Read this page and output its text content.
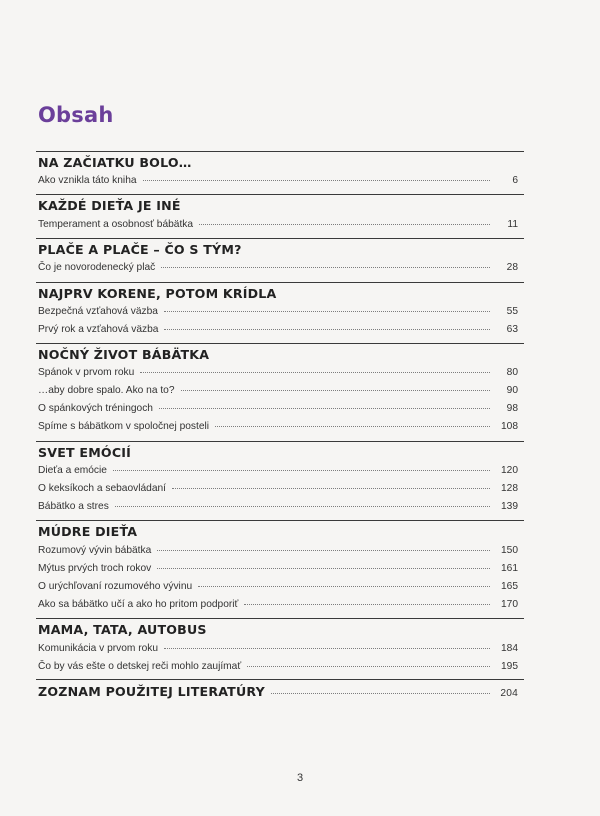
Obsah
NA ZAČIATKU BOLO…
Ako vznikla táto kniha	6
KAŽDÉ DIEŤA JE INÉ
Temperament a osobnosť bábätka	11
PLAČE A PLAČE – ČO S TÝM?
Čo je novorodenecký plač	28
NAJPRV KORENE, POTOM KRÍDLA
Bezpečná vzťahová väzba	55
Prvý rok a vzťahová väzba	63
NOČNÝ ŽIVOT BÁBÄTKA
Spánok v prvom roku	80
…aby dobre spalo. Ako na to?	90
O spánkových tréningoch	98
Spíme s bábätkom v spoločnej posteli	108
SVET EMÓCIÍ
Dieťa a emócie	120
O keksíkoch a sebaovládaní	128
Bábätko a stres	139
MÚDRE DIEŤA
Rozumový vývin bábätka	150
Mýtus prvých troch rokov	161
O urýchľovaní rozumového vývinu	165
Ako sa bábätko učí a ako ho pritom podporiť	170
MAMA, TATA, AUTOBUS
Komunikácia v prvom roku	184
Čo by vás ešte o detskej reči mohlo zaujímať	195
ZOZNAM POUŽITEJ LITERATÚRY	204
3
